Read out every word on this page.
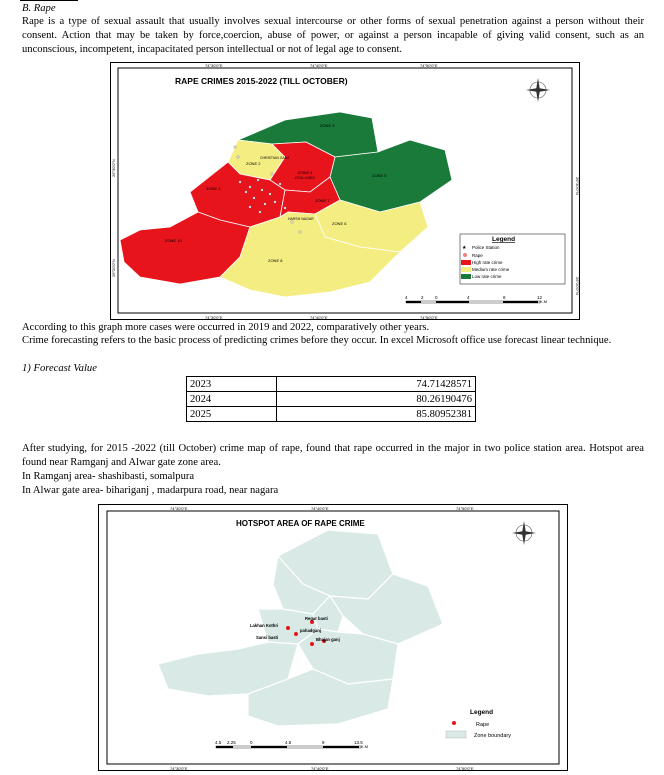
B. Rape
Rape is a type of sexual assault that usually involves sexual intercourse or other forms of sexual penetration against a person without their consent. Action that may be taken by force,coercion, abuse of power, or against a person incapable of giving valid consent, such as an unconscious, incompetent, incapacitated person intellectual or not of legal age to consent.
74°30'0"E	74°40'0"E	74°50'0"E
74°30'0"E	74°40'0"E	74°50'0"E
26°30'0"N
26°20'0"N
26°30'0"N
26°20'0"N
RAPE CRIMES 2015-2022 (TILL OCTOBER)
ZONE 3
ZONE 5
ZONE 2
ZONE 4
ZONE 1
ZONE 7
ZONE 6
ZONE 10
ZONE 8
CHRISTIAN GANJ
CIVIL LINES
HARSH NAGAR
Legend
★ Police Station
Rape
High rate crime
Medium rate crime
Low rate crime
4	2	0	4	8	12
K.M
According to this graph more cases were occurred in 2019 and 2022, comparatively other years.
Crime forecasting refers to the basic process of predicting crimes before they occur. In excel Microsoft office use forecast linear technique.
1) Forecast Value
2023	74.71428571
2024	80.26190476
2025	85.80952381
After studying, for 2015 -2022 (till October) crime map of rape, found that rape occurred in the major in two police station area. Hotspot area found near Ramganj and Alwar gate zone area.
In Ramganj area- shashibasti, somalpura
In Alwar gate area- bihariganj , madarpura road, near nagara
74°30'0"E	74°40'0"E	74°50'0"E
74°30'0"E	74°40'0"E	74°50'0"E
HOTSPOT AREA OF RAPE CRIME
Regar basti
Lakhan Kothri
pahadganj
Sansi basti	Bhajan ganj
Legend
Rape
Zone boundary
4.5 2.25	0	4.5	9	13.5
K.M
